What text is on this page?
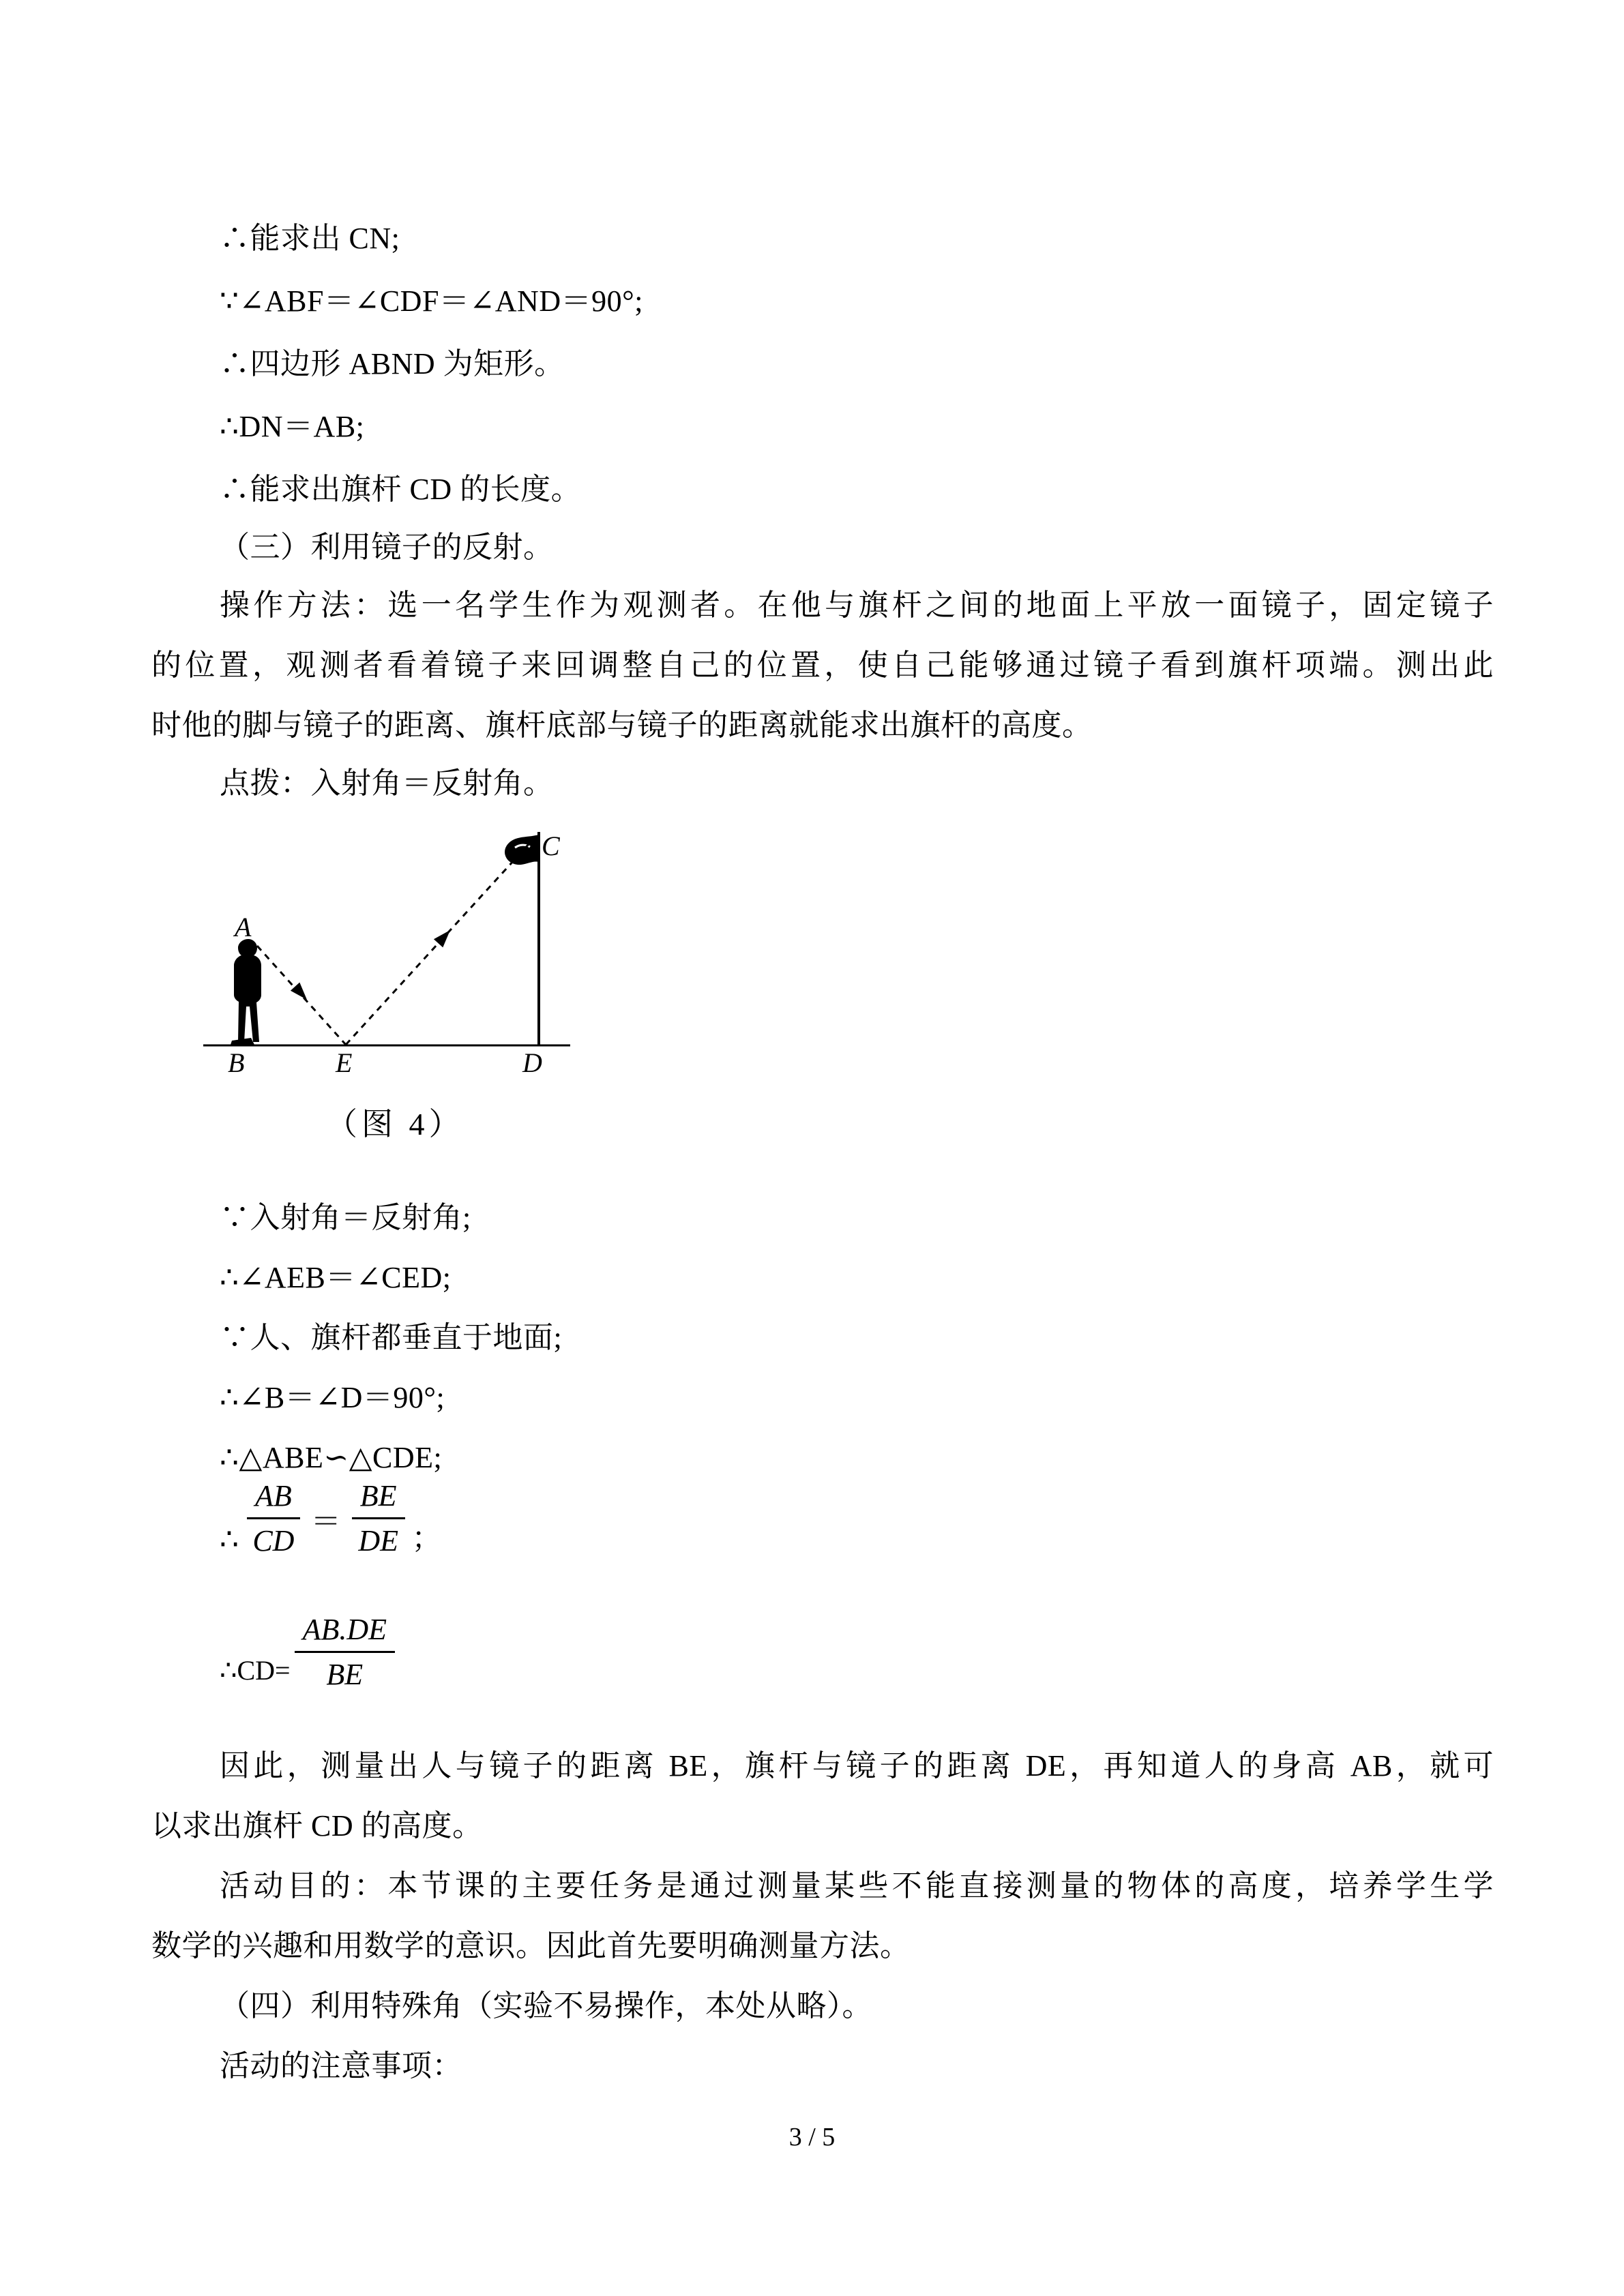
∴能求出 CN;
∵∠ABF＝∠CDF＝∠AND＝90°;
∴四边形 ABND 为矩形。
∴DN＝AB;
∴能求出旗杆 CD 的长度。
（三）利用镜子的反射。
操作方法：选一名学生作为观测者。在他与旗杆之间的地面上平放一面镜子，固定镜子
的位置，观测者看着镜子来回调整自己的位置，使自己能够通过镜子看到旗杆项端。测出此
时他的脚与镜子的距离、旗杆底部与镜子的距离就能求出旗杆的高度。
点拨：入射角＝反射角。
A
B	E	D
C
（图 4）
∵入射角＝反射角;
∴∠AEB＝∠CED;
∵人、旗杆都垂直于地面;
∴∠B＝∠D＝90°;
∴△ABE∽△CDE;
∴ $\frac{AB}{CD} = \frac{BE}{DE}$ ；
∴CD= $\frac{AB.DE}{BE}$
因此，测量出人与镜子的距离 BE，旗杆与镜子的距离 DE，再知道人的身高 AB，就可
以求出旗杆 CD 的高度。
活动目的：本节课的主要任务是通过测量某些不能直接测量的物体的高度，培养学生学
数学的兴趣和用数学的意识。因此首先要明确测量方法。
（四）利用特殊角（实验不易操作，本处从略）。
活动的注意事项：
3 / 5
